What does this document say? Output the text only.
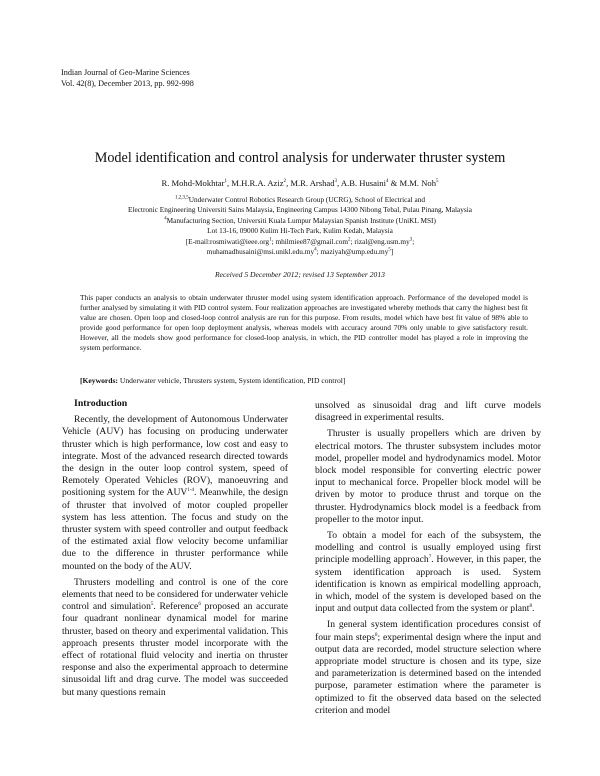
Indian Journal of Geo-Marine Sciences
Vol. 42(8), December 2013, pp. 992-998
Model identification and control analysis for underwater thruster system
R. Mohd-Mokhtar$^1$, M.H.R.A. Aziz$^2$, M.R. Arshad$^3$, A.B. Husaini$^4$ & M.M. Noh$^5$
$^{1,2,3,5}$Underwater Control Robotics Research Group (UCRG), School of Electrical and
Electronic Engineering Universiti Sains Malaysia, Engineering Campus 14300 Nibong Tebal, Pulau Pinang, Malaysia
$^4$Manufacturing Section, Universiti Kuala Lumpur Malaysian Spanish Institute (UniKL MSI)
Lot 13-16, 09000 Kulim Hi-Tech Park, Kulim Kedah, Malaysia
[E-mail:rosmiwati@ieee.org$^1$; mhilmiee87@gmail.com$^2$; $rizal@eng.usm.my^3$;
$muhamadhusaini@msi.unikl.edu.my^4$; $maziyah@ump.edu.my^5$]
Received 5 December 2012; revised 13 September 2013
This paper conducts an analysis to obtain underwater thruster model using system identification approach. Performance of the developed model is further analysed by simulating it with PID control system. Four realization approaches are investigated whereby methods that carry the highest best fit value are chosen. Open loop and closed-loop control analysis are run for this purpose. From results, model which have best fit value of 98% able to provide good performance for open loop deployment analysis, whereas models with accuracy around 70% only unable to give satisfactory result. However, all the models show good performance for closed-loop analysis, in which, the PID controller model has played a role in improving the system performance.
[Keywords: Underwater vehicle, Thrusters system, System identification, PID control]

Introduction

Recently, the development of Autonomous Underwater Vehicle (AUV) has focusing on producing underwater thruster which is high performance, low cost and easy to integrate. Most of the advanced research directed towards the design in the outer loop control system, speed of Remotely Operated Vehicles (ROV), manoeuvring and positioning system for the AUV$^{1-4}$. Meanwhile, the design of thruster that involved of motor coupled propeller system has less attention. The focus and study on the thruster system with speed controller and output feedback of the estimated axial flow velocity become unfamiliar due to the difference in thruster performance while mounted on the body of the AUV.

Thrusters modelling and control is one of the core elements that need to be considered for underwater vehicle control and simulation$^5$. Reference$^6$ proposed an accurate four quadrant nonlinear dynamical model for marine thruster, based on theory and experimental validation. This approach presents thruster model incorporate with the effect of rotational fluid velocity and inertia on thruster response and also the experimental approach to determine sinusoidal lift and drag curve. The model was succeeded but many questions remain

unsolved as sinusoidal drag and lift curve models disagreed in experimental results.

Thruster is usually propellers which are driven by electrical motors. The thruster subsystem includes motor model, propeller model and hydrodynamics model. Motor block model responsible for converting electric power input to mechanical force. Propeller block model will be driven by motor to produce thrust and torque on the thruster. Hydrodynamics block model is a feedback from propeller to the motor input.

To obtain a model for each of the subsystem, the modelling and control is usually employed using first principle modelling approach$^7$. However, in this paper, the system identification approach is used. System identification is known as empirical modelling approach, in which, model of the system is developed based on the input and output data collected from the system or plant$^8$.

In general system identification procedures consist of four main steps$^8$; experimental design where the input and output data are recorded, model structure selection where appropriate model structure is chosen and its type, size and parameterization is determined based on the intended purpose, parameter estimation where the parameter is optimized to fit the observed data based on the selected criterion and model
